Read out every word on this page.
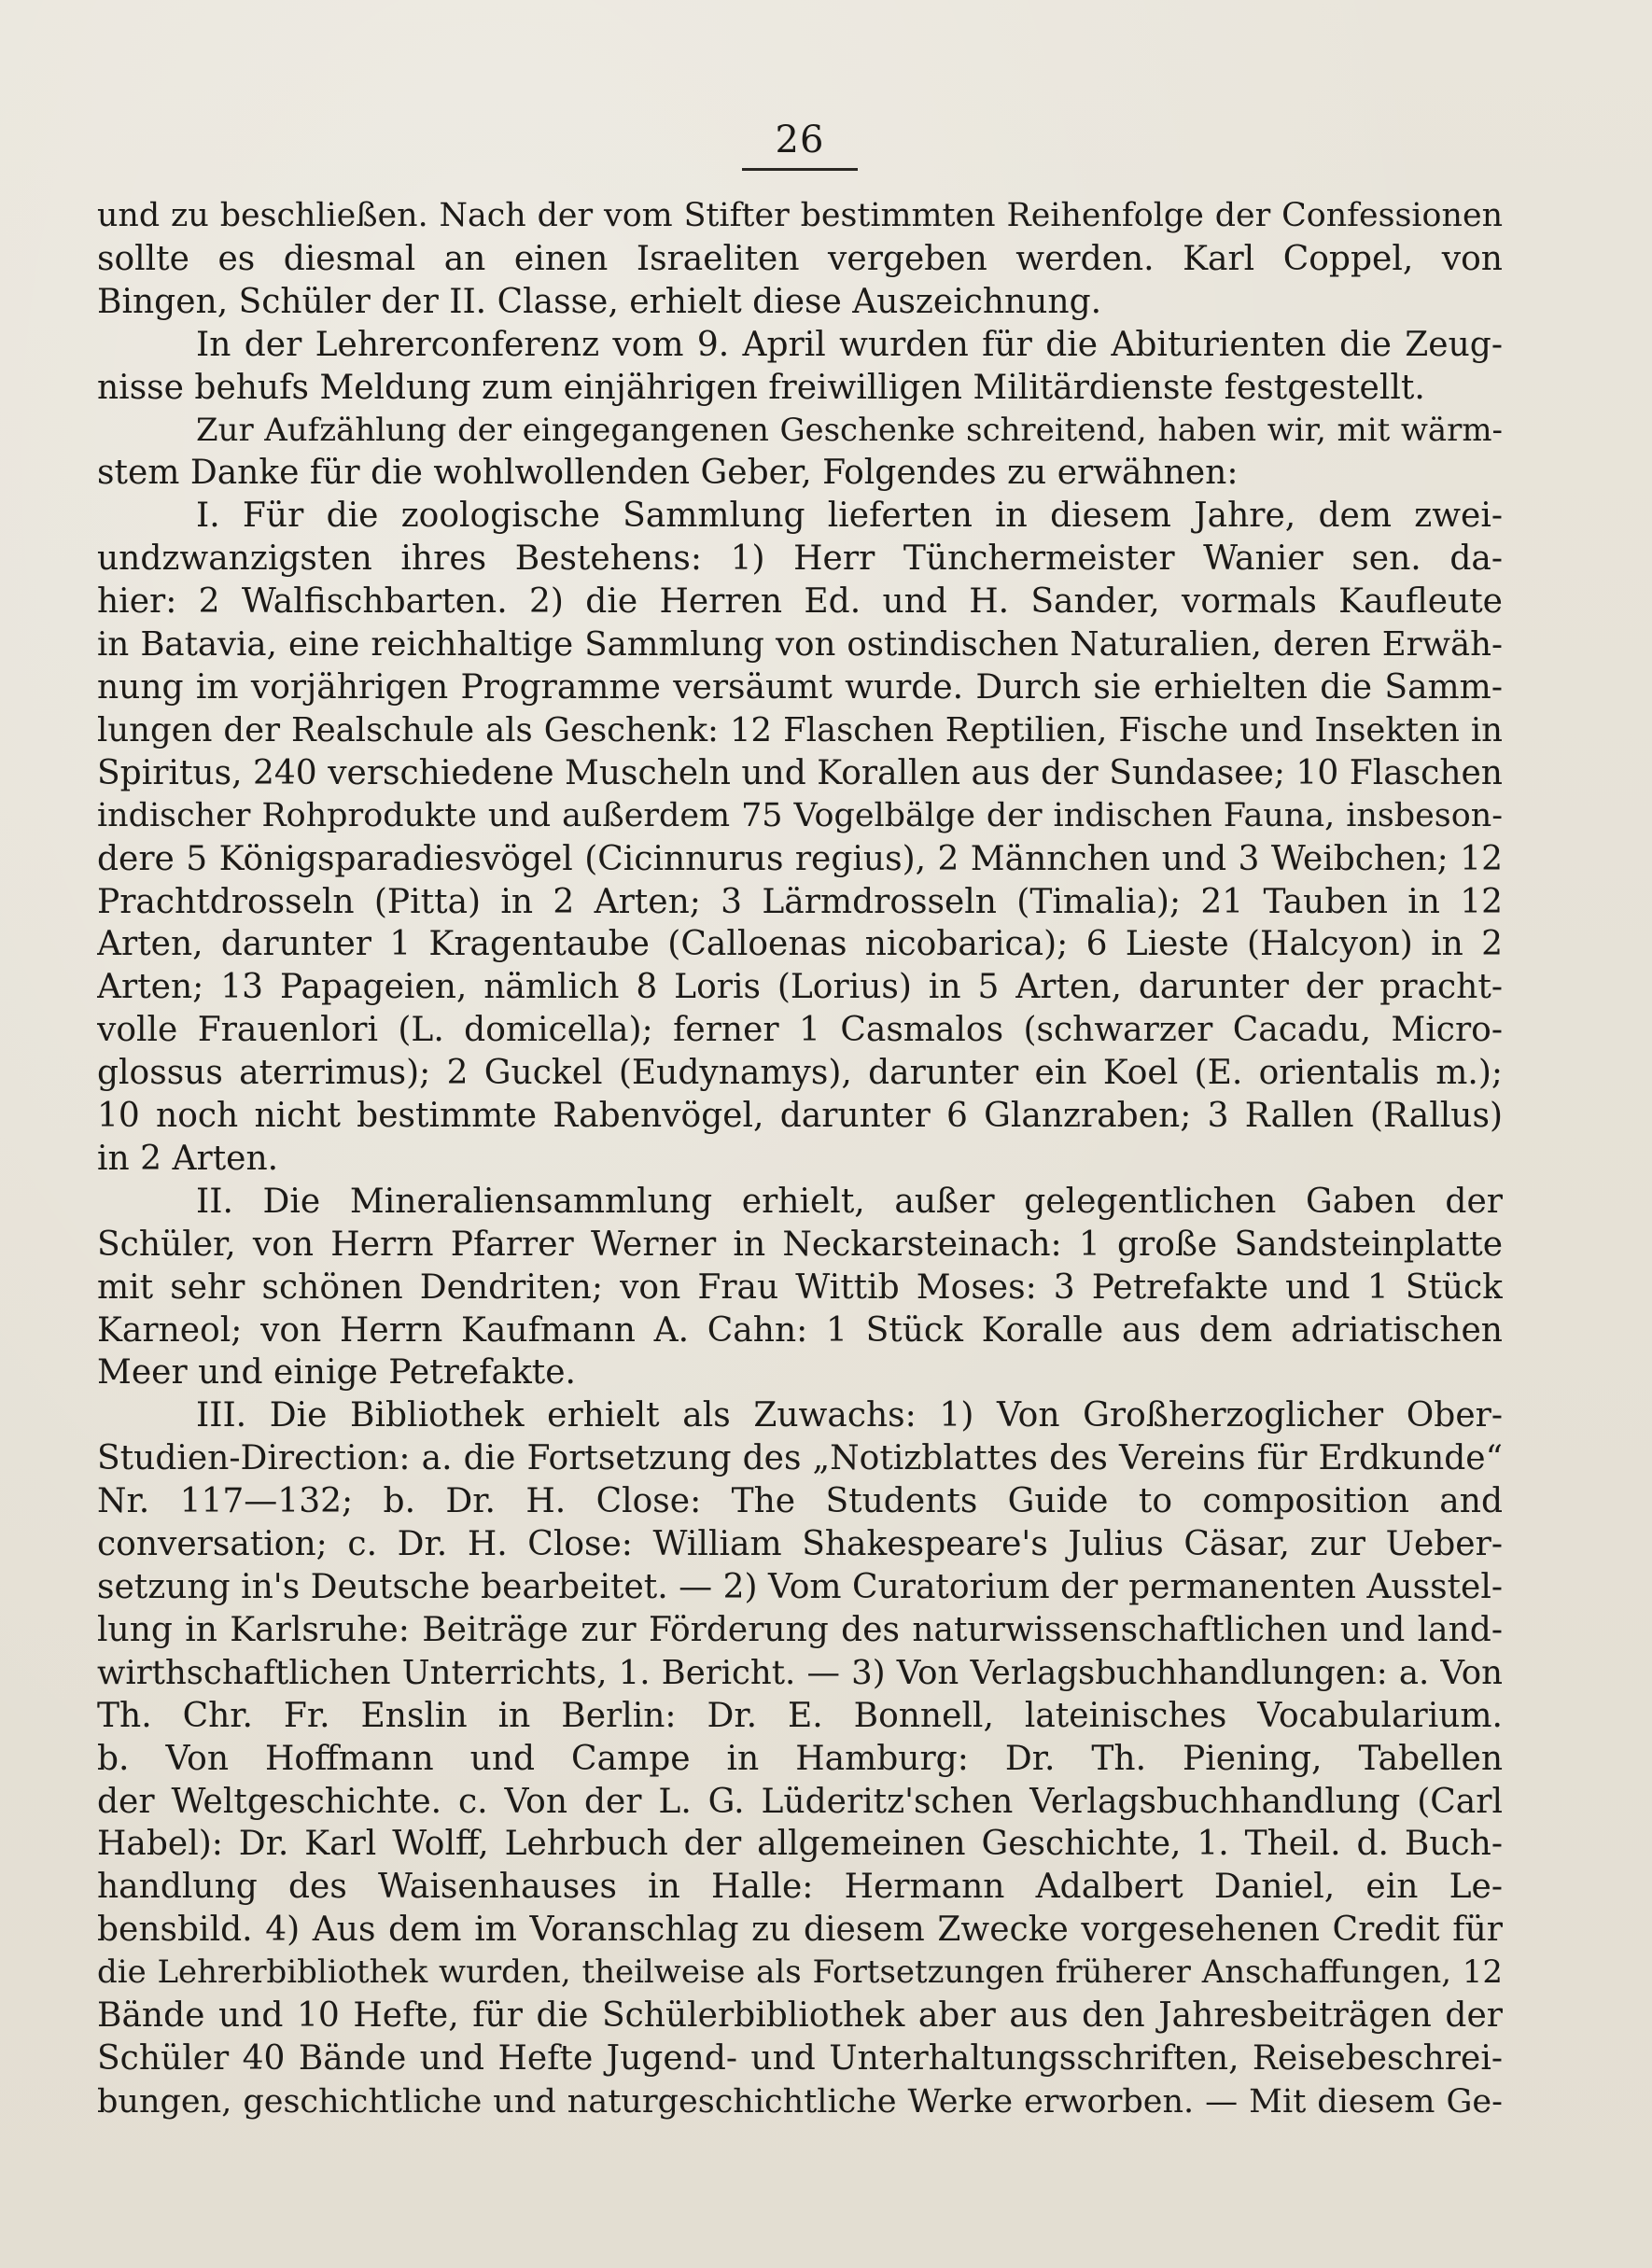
26
und zu beschließen. Nach der vom Stifter bestimmten Reihenfolge der Confessionen
sollte es diesmal an einen Israeliten vergeben werden. Karl Coppel, von
Bingen, Schüler der II. Classe, erhielt diese Auszeichnung.
In der Lehrerconferenz vom 9. April wurden für die Abiturienten die Zeug-
nisse behufs Meldung zum einjährigen freiwilligen Militärdienste festgestellt.
Zur Aufzählung der eingegangenen Geschenke schreitend, haben wir, mit wärm-
stem Danke für die wohlwollenden Geber, Folgendes zu erwähnen:
I. Für die zoologische Sammlung lieferten in diesem Jahre, dem zwei-
undzwanzigsten ihres Bestehens: 1) Herr Tünchermeister Wanier sen. da-
hier: 2 Walfischbarten. 2) die Herren Ed. und H. Sander, vormals Kaufleute
in Batavia, eine reichhaltige Sammlung von ostindischen Naturalien, deren Erwäh-
nung im vorjährigen Programme versäumt wurde. Durch sie erhielten die Samm-
lungen der Realschule als Geschenk: 12 Flaschen Reptilien, Fische und Insekten in
Spiritus, 240 verschiedene Muscheln und Korallen aus der Sundasee; 10 Flaschen
indischer Rohprodukte und außerdem 75 Vogelbälge der indischen Fauna, insbeson-
dere 5 Königsparadiesvögel (Cicinnurus regius), 2 Männchen und 3 Weibchen; 12
Prachtdrosseln (Pitta) in 2 Arten; 3 Lärmdrosseln (Timalia); 21 Tauben in 12
Arten, darunter 1 Kragentaube (Calloenas nicobarica); 6 Lieste (Halcyon) in 2
Arten; 13 Papageien, nämlich 8 Loris (Lorius) in 5 Arten, darunter der pracht-
volle Frauenlori (L. domicella); ferner 1 Casmalos (schwarzer Cacadu, Micro-
glossus aterrimus); 2 Guckel (Eudynamys), darunter ein Koel (E. orientalis m.);
10 noch nicht bestimmte Rabenvögel, darunter 6 Glanzraben; 3 Rallen (Rallus)
in 2 Arten.
II. Die Mineraliensammlung erhielt, außer gelegentlichen Gaben der
Schüler, von Herrn Pfarrer Werner in Neckarsteinach: 1 große Sandsteinplatte
mit sehr schönen Dendriten; von Frau Wittib Moses: 3 Petrefakte und 1 Stück
Karneol; von Herrn Kaufmann A. Cahn: 1 Stück Koralle aus dem adriatischen
Meer und einige Petrefakte.
III. Die Bibliothek erhielt als Zuwachs: 1) Von Großherzoglicher Ober-
Studien-Direction: a. die Fortsetzung des „Notizblattes des Vereins für Erdkunde“
Nr. 117—132; b. Dr. H. Close: The Students Guide to composition and
conversation; c. Dr. H. Close: William Shakespeare's Julius Cäsar, zur Ueber-
setzung in's Deutsche bearbeitet. — 2) Vom Curatorium der permanenten Ausstel-
lung in Karlsruhe: Beiträge zur Förderung des naturwissenschaftlichen und land-
wirthschaftlichen Unterrichts, 1. Bericht. — 3) Von Verlagsbuchhandlungen: a. Von
Th. Chr. Fr. Enslin in Berlin: Dr. E. Bonnell, lateinisches Vocabularium.
b. Von Hoffmann und Campe in Hamburg: Dr. Th. Piening, Tabellen
der Weltgeschichte. c. Von der L. G. Lüderitz'schen Verlagsbuchhandlung (Carl
Habel): Dr. Karl Wolff, Lehrbuch der allgemeinen Geschichte, 1. Theil. d. Buch-
handlung des Waisenhauses in Halle: Hermann Adalbert Daniel, ein Le-
bensbild. 4) Aus dem im Voranschlag zu diesem Zwecke vorgesehenen Credit für
die Lehrerbibliothek wurden, theilweise als Fortsetzungen früherer Anschaffungen, 12
Bände und 10 Hefte, für die Schülerbibliothek aber aus den Jahresbeiträgen der
Schüler 40 Bände und Hefte Jugend- und Unterhaltungsschriften, Reisebeschrei-
bungen, geschichtliche und naturgeschichtliche Werke erworben. — Mit diesem Ge-
